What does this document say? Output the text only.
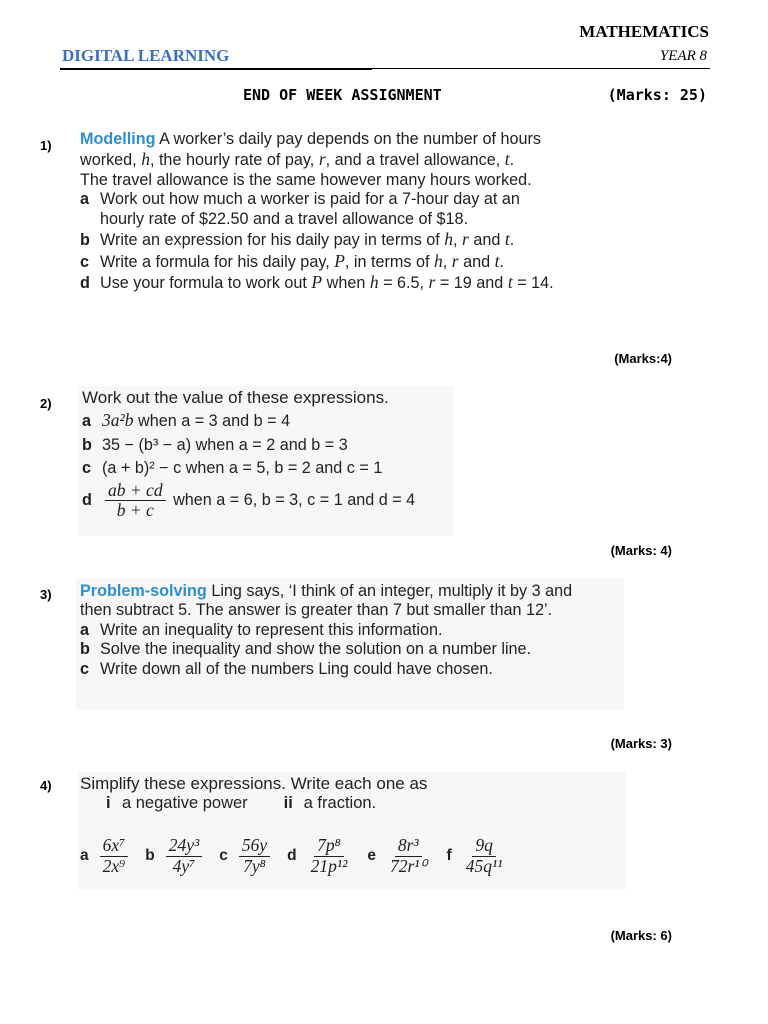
MATHEMATICS
DIGITAL LEARNING	YEAR 8
END OF WEEK ASSIGNMENT	(Marks: 25)
1) Modelling A worker’s daily pay depends on the number of hours
worked, h, the hourly rate of pay, r, and a travel allowance, t.
The travel allowance is the same however many hours worked.
a Work out how much a worker is paid for a 7-hour day at an
hourly rate of $22.50 and a travel allowance of $18.
b Write an expression for his daily pay in terms of h, r and t.
c Write a formula for his daily pay, P, in terms of h, r and t.
d Use your formula to work out P when h = 6.5, r = 19 and t = 14.
(Marks:4)
2) Work out the value of these expressions.
a 3a²b when a = 3 and b = 4
b 35 − (b³ − a) when a = 2 and b = 3
c (a + b)² − c when a = 5, b = 2 and c = 1
d $\frac{ab + cd}{b + c}$ when a = 6, b = 3, c = 1 and d = 4
(Marks: 4)
3) Problem-solving Ling says, ‘I think of an integer, multiply it by 3 and
then subtract 5. The answer is greater than 7 but smaller than 12’.
a Write an inequality to represent this information.
b Solve the inequality and show the solution on a number line.
c Write down all of the numbers Ling could have chosen.
(Marks: 3)
4) Simplify these expressions. Write each one as
i a negative power ii a fraction.
a $\frac{\text{6x⁷}}{\text{2x⁹}}$ b $\frac{\text{24y³}}{\text{4y⁷}}$ c $\frac{56y}{\text{7y⁸}}$ d $\frac{\text{7p⁸}}{\text{21p¹²}}$ e $\frac{\text{8r³}}{\text{72r¹⁰}}$ f $\frac{9q}{\text{45q¹¹}}$
(Marks: 6)
